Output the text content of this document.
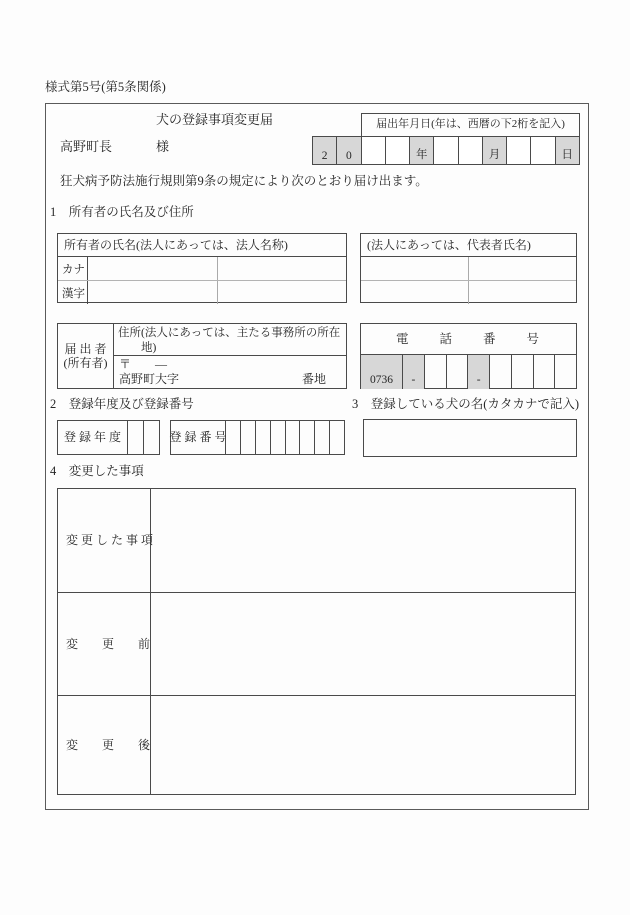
様式第5号(第5条関係)
犬の登録事項変更届	届出年月日(年は、西暦の下2桁を記入)
2	0	年	月	日
高野町長	様
狂犬病予防法施行規則第9条の規定により次のとおり届け出ます。
1　所有者の氏名及び住所
所有者の氏名(法人にあっては、法人名称)
カナ
漢字
(法人にあっては、代表者氏名)
届 出 者
(所有者)
住所(法人にあっては、主たる事務所の所在地)
〒　　―
高野町大字	番地
電　　話　　番　　号
0736	-	-
2　登録年度及び登録番号	3　登録している犬の名(カタカナで記入)
登 録 年 度	登 録 番 号
4　変更した事項
変 更 し た 事 項
変　　更　　前
変　　更　　後
